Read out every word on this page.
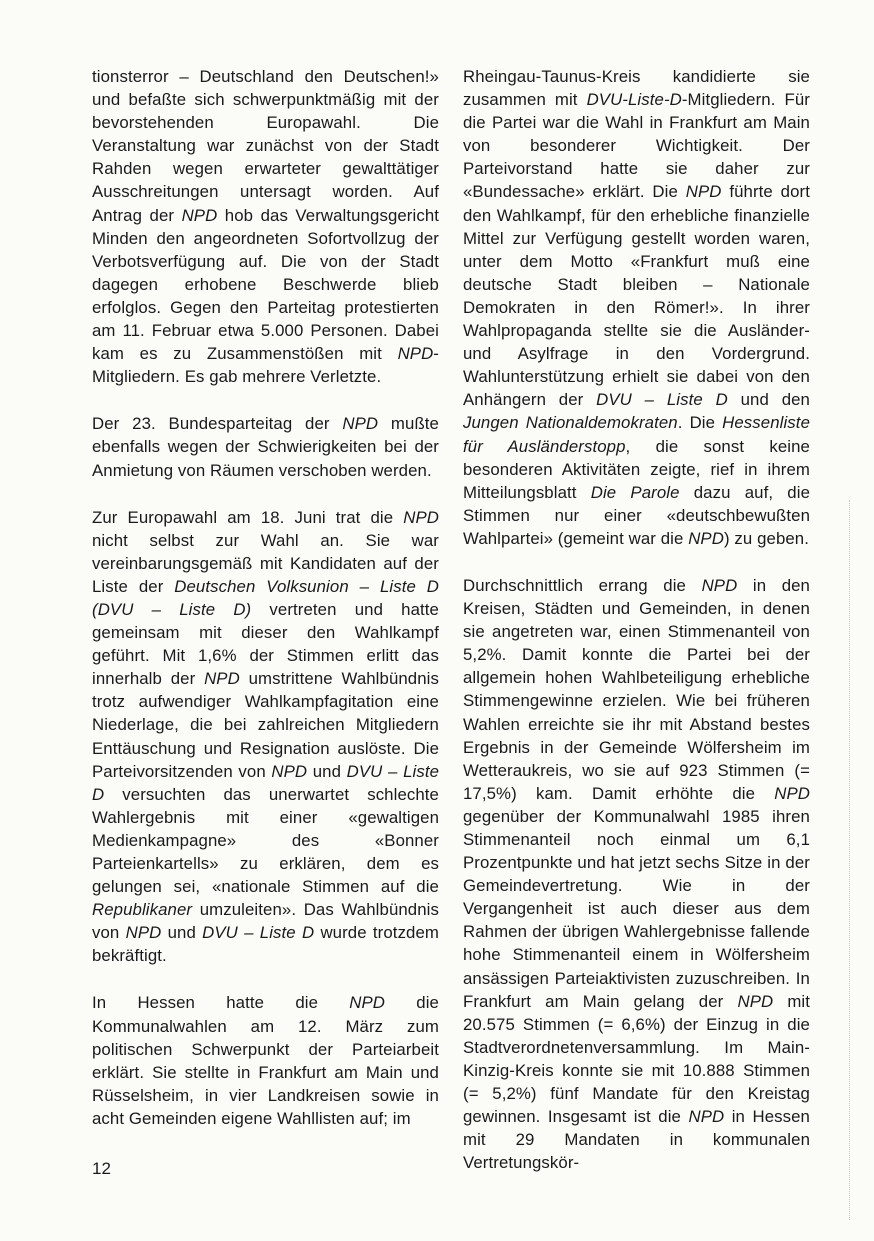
tionsterror – Deutschland den Deutschen!» und befaßte sich schwerpunktmäßig mit der bevorstehenden Europawahl. Die Veranstaltung war zunächst von der Stadt Rahden wegen erwarteter gewalttätiger Ausschreitungen untersagt worden. Auf Antrag der NPD hob das Verwaltungsgericht Minden den angeordneten Sofortvollzug der Verbotsverfügung auf. Die von der Stadt dagegen erhobene Beschwerde blieb erfolglos. Gegen den Parteitag protestierten am 11. Februar etwa 5.000 Personen. Dabei kam es zu Zusammenstößen mit NPD-Mitgliedern. Es gab mehrere Verletzte.

Der 23. Bundesparteitag der NPD mußte ebenfalls wegen der Schwierigkeiten bei der Anmietung von Räumen verschoben werden.

Zur Europawahl am 18. Juni trat die NPD nicht selbst zur Wahl an. Sie war vereinbarungsgemäß mit Kandidaten auf der Liste der Deutschen Volksunion – Liste D (DVU – Liste D) vertreten und hatte gemeinsam mit dieser den Wahlkampf geführt. Mit 1,6% der Stimmen erlitt das innerhalb der NPD umstrittene Wahlbündnis trotz aufwendiger Wahlkampfagitation eine Niederlage, die bei zahlreichen Mitgliedern Enttäuschung und Resignation auslöste. Die Parteivorsitzenden von NPD und DVU – Liste D versuchten das unerwartet schlechte Wahlergebnis mit einer «gewaltigen Medienkampagne» des «Bonner Parteienkartells» zu erklären, dem es gelungen sei, «nationale Stimmen auf die Republikaner umzuleiten». Das Wahlbündnis von NPD und DVU – Liste D wurde trotzdem bekräftigt.

In Hessen hatte die NPD die Kommunalwahlen am 12. März zum politischen Schwerpunkt der Parteiarbeit erklärt. Sie stellte in Frankfurt am Main und Rüsselsheim, in vier Landkreisen sowie in acht Gemeinden eigene Wahllisten auf; im

Rheingau-Taunus-Kreis kandidierte sie zusammen mit DVU-Liste-D-Mitgliedern. Für die Partei war die Wahl in Frankfurt am Main von besonderer Wichtigkeit. Der Parteivorstand hatte sie daher zur «Bundessache» erklärt. Die NPD führte dort den Wahlkampf, für den erhebliche finanzielle Mittel zur Verfügung gestellt worden waren, unter dem Motto «Frankfurt muß eine deutsche Stadt bleiben – Nationale Demokraten in den Römer!». In ihrer Wahlpropaganda stellte sie die Ausländer- und Asylfrage in den Vordergrund. Wahlunterstützung erhielt sie dabei von den Anhängern der DVU – Liste D und den Jungen Nationaldemokraten. Die Hessenliste für Ausländerstopp, die sonst keine besonderen Aktivitäten zeigte, rief in ihrem Mitteilungsblatt Die Parole dazu auf, die Stimmen nur einer «deutschbewußten Wahlpartei» (gemeint war die NPD) zu geben.

Durchschnittlich errang die NPD in den Kreisen, Städten und Gemeinden, in denen sie angetreten war, einen Stimmenanteil von 5,2%. Damit konnte die Partei bei der allgemein hohen Wahlbeteiligung erhebliche Stimmengewinne erzielen. Wie bei früheren Wahlen erreichte sie ihr mit Abstand bestes Ergebnis in der Gemeinde Wölfersheim im Wetteraukreis, wo sie auf 923 Stimmen (= 17,5%) kam. Damit erhöhte die NPD gegenüber der Kommunalwahl 1985 ihren Stimmenanteil noch einmal um 6,1 Prozentpunkte und hat jetzt sechs Sitze in der Gemeindevertretung. Wie in der Vergangenheit ist auch dieser aus dem Rahmen der übrigen Wahlergebnisse fallende hohe Stimmenanteil einem in Wölfersheim ansässigen Parteiaktivisten zuzuschreiben. In Frankfurt am Main gelang der NPD mit 20.575 Stimmen (= 6,6%) der Einzug in die Stadtverordnetenversammlung. Im Main-Kinzig-Kreis konnte sie mit 10.888 Stimmen (= 5,2%) fünf Mandate für den Kreistag gewinnen. Insgesamt ist die NPD in Hessen mit 29 Mandaten in kommunalen Vertretungskör-

12
